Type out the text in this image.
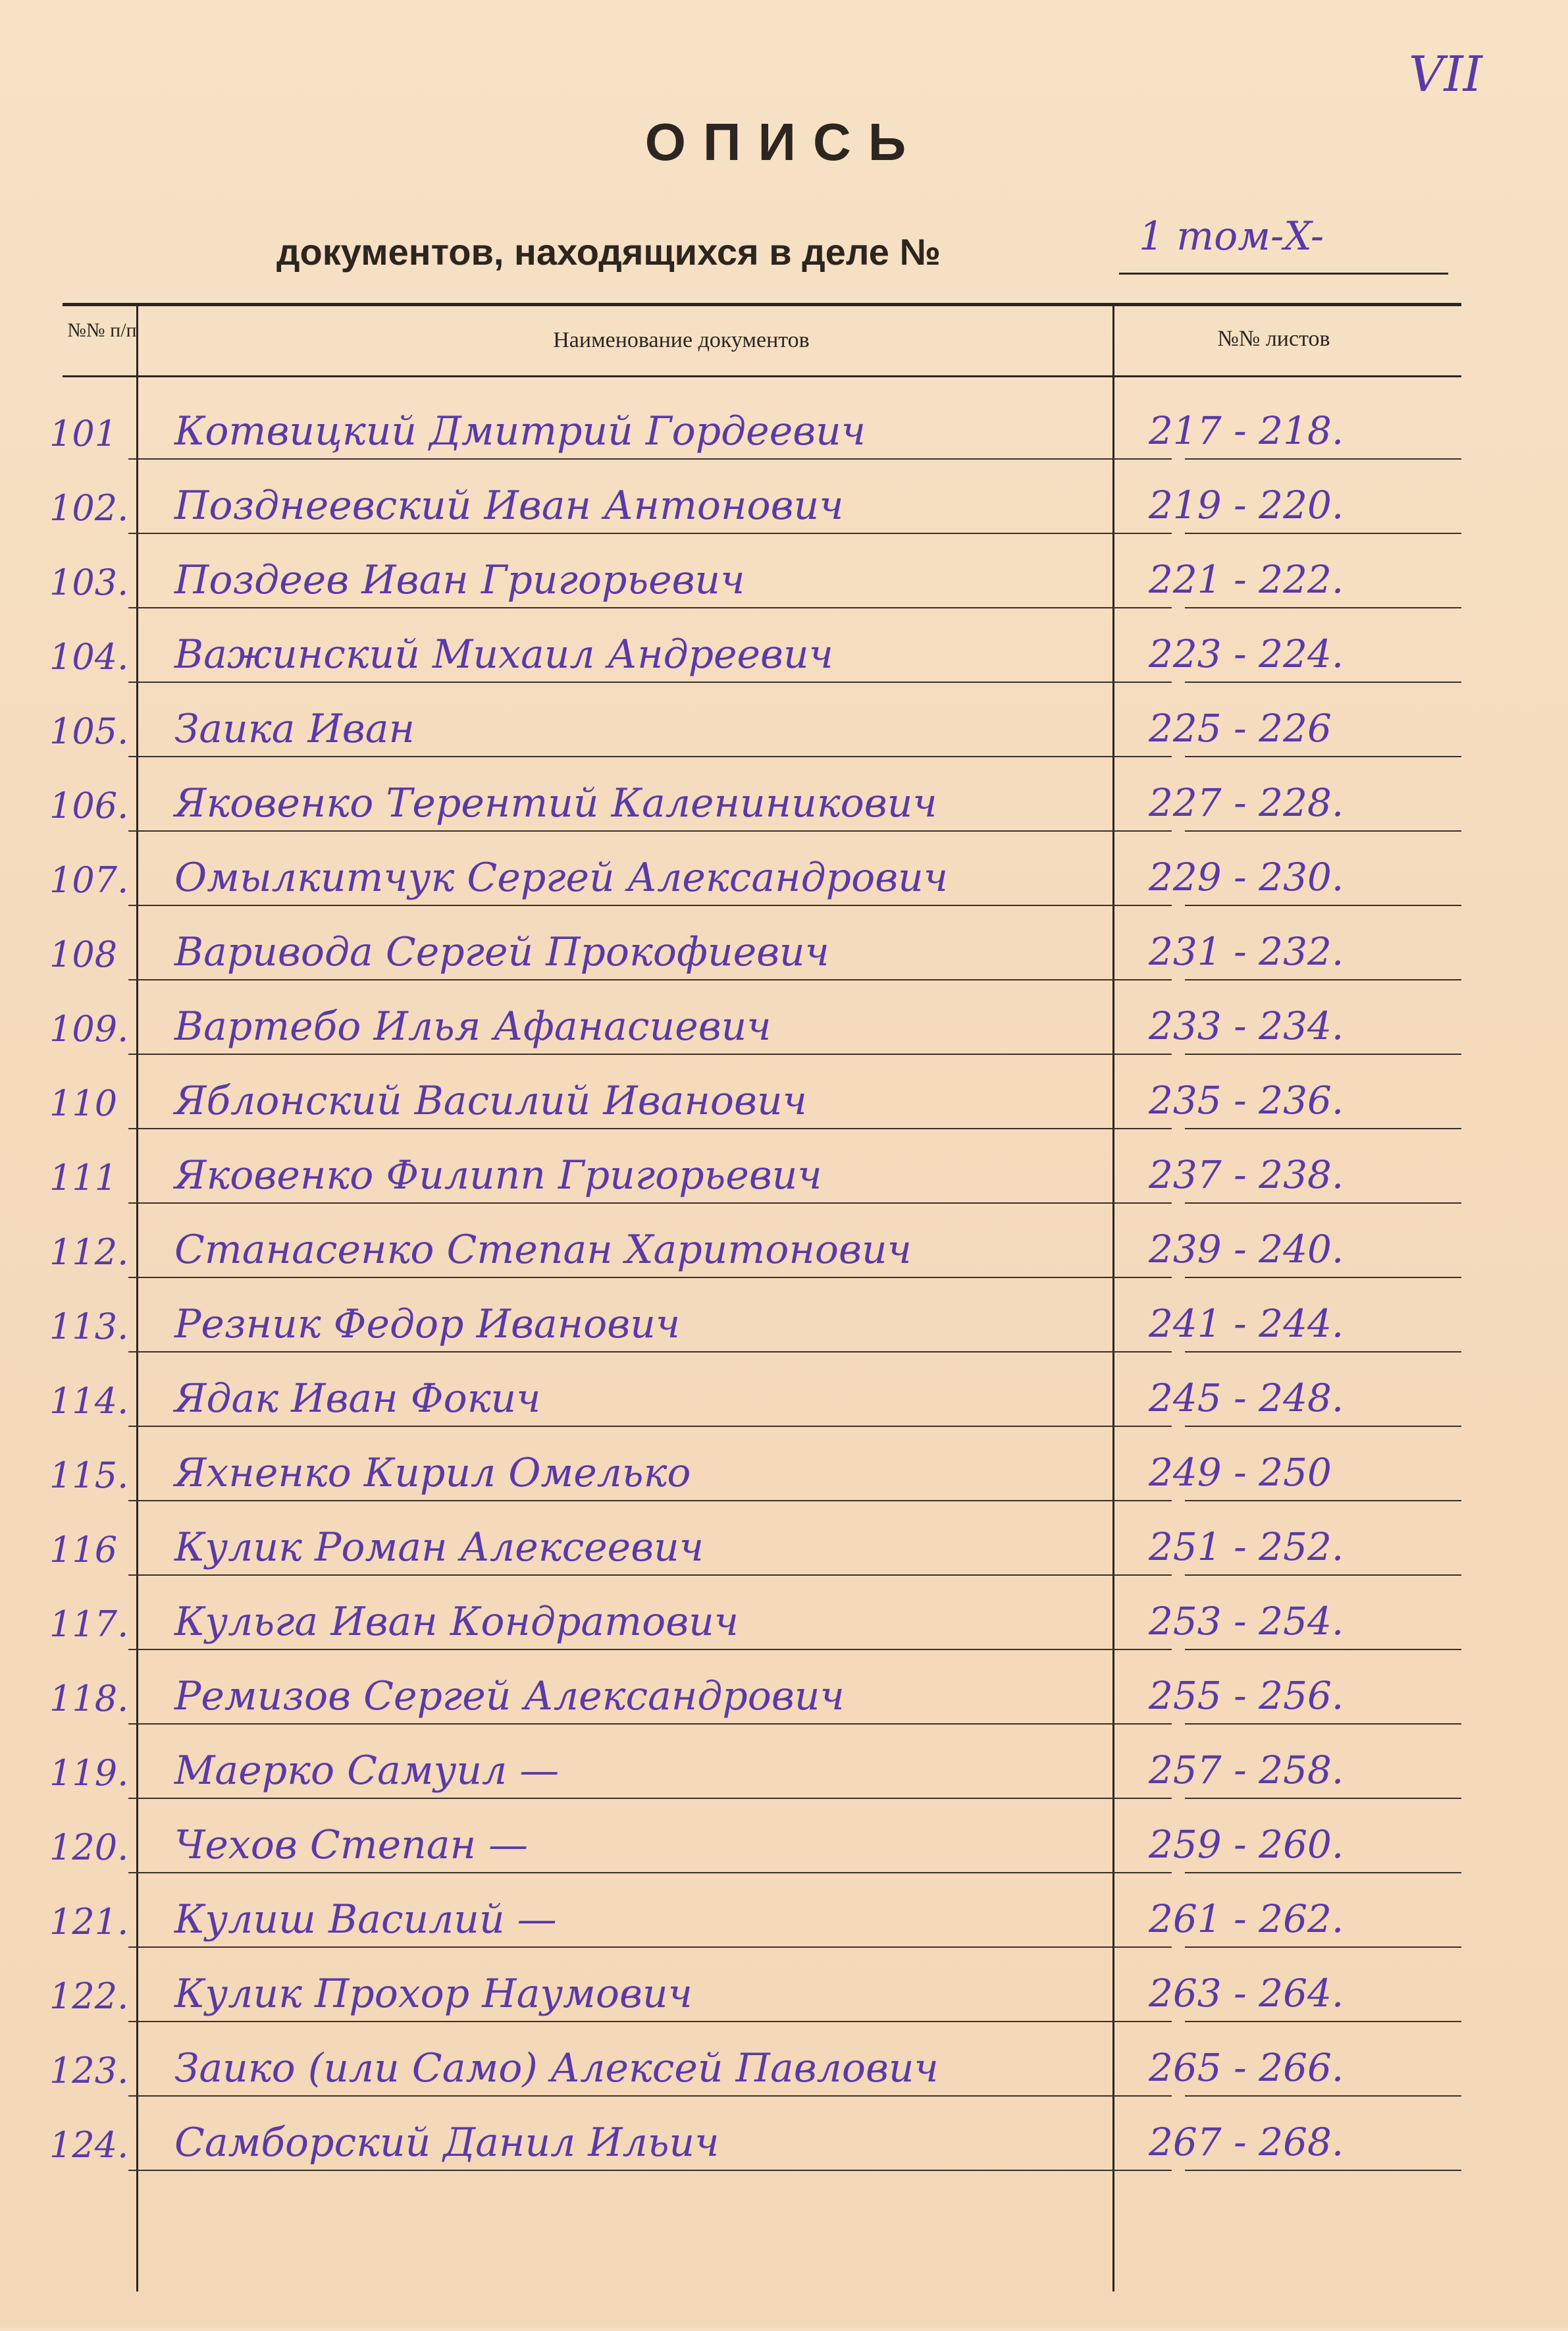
VII
ОПИСЬ
документов, находящихся в деле №	1 том-X-
№№ п/п	Наименование документов	№№ листов
101 Котвицкий Дмитрий Гордеевич	217 - 218.
102. Позднеевский Иван Антонович	219 - 220.
103. Поздеев Иван Григорьевич	221 - 222.
104. Важинский Михаил Андреевич	223 - 224.
105. Заика Иван	225 - 226
106. Яковенко Терентий Калениникович	227 - 228.
107. Омылкитчук Сергей Александрович	229 - 230.
108 Варивода Сергей Прокофиевич	231 - 232.
109. Вартебо Илья Афанасиевич	233 - 234.
110 Яблонский Василий Иванович	235 - 236.
111 Яковенко Филипп Григорьевич	237 - 238.
112. Станасенко Степан Харитонович	239 - 240.
113. Резник Федор Иванович	241 - 244.
114. Ядак Иван Фокич	245 - 248.
115. Яхненко Кирил Омелько	249 - 250
116 Кулик Роман Алексеевич	251 - 252.
117. Кульга Иван Кондратович	253 - 254.
118. Ремизов Сергей Александрович	255 - 256.
119. Маерко Самуил —	257 - 258.
120. Чехов Степан —	259 - 260.
121. Кулиш Василий —	261 - 262.
122. Кулик Прохор Наумович	263 - 264.
123. Заико (или Само) Алексей Павлович	265 - 266.
124. Самборский Данил Ильич	267 - 268.
